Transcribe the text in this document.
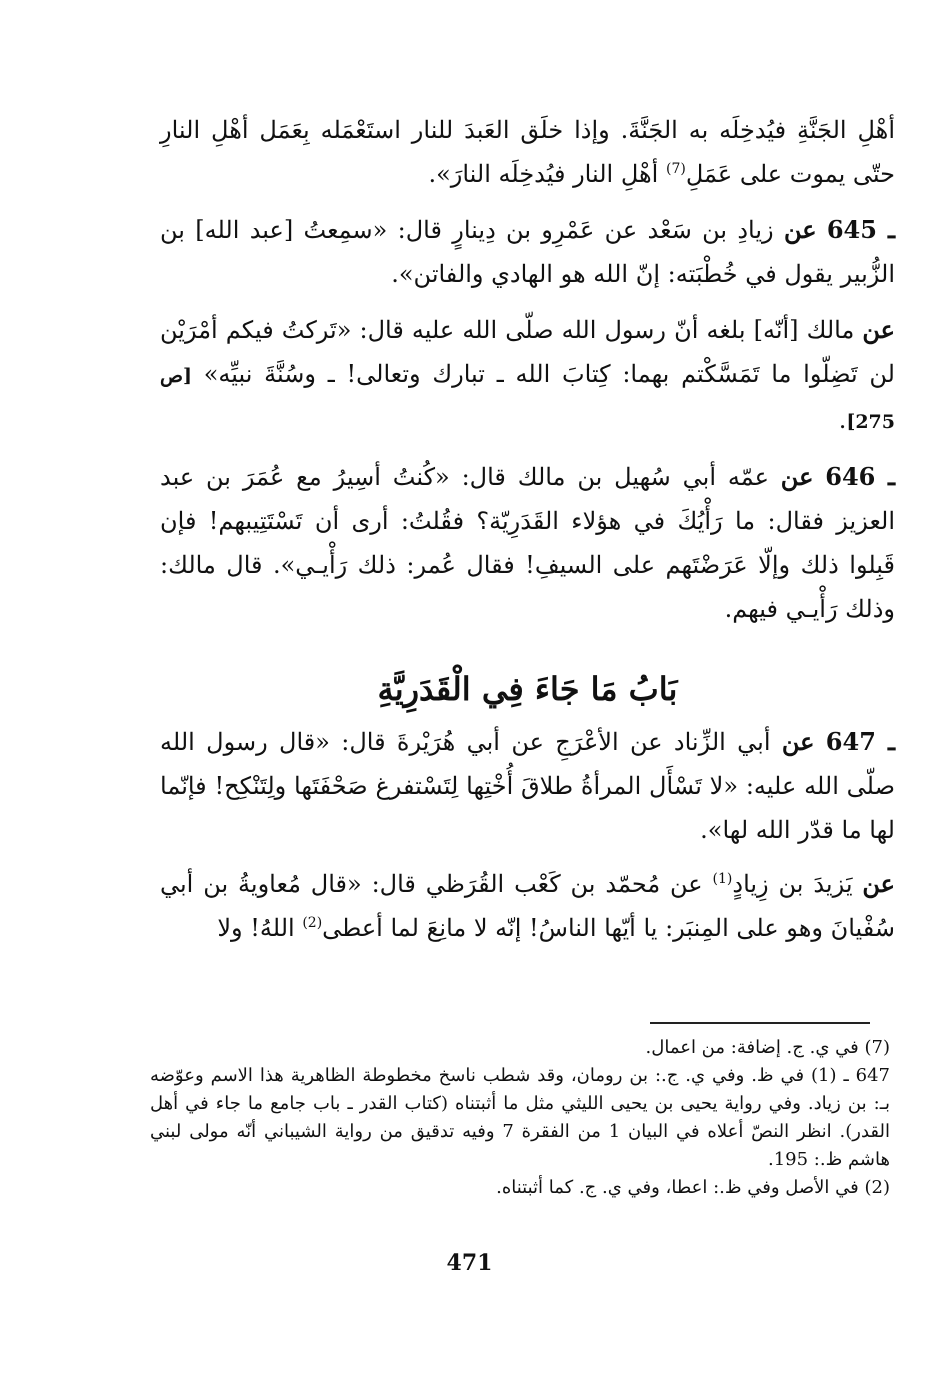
أهْلِ الجَنَّةِ فيُدخِلَه به الجَنَّةَ. وإذا خلَق العَبدَ للنار استَعْمَله بِعَمَل أهْلِ النارِ حتّى يموت على عَمَلِ$^{(7)}$ أهْلِ النار فيُدخِلَه النارَ».
645 ـ عن زيادِ بن سَعْد عن عَمْرِو بن دِينارٍ قال: «سمِعتُ [عبد الله] بن الزُّبير يقول في خُطْبَته: إنّ الله هو الهادي والفاتن».
عن مالك [أنّه] بلغه أنّ رسول الله صلّى الله عليه قال: «تَركتُ فيكم أمْرَيْن لن تَضِلّوا ما تَمَسَّكْتم بهما: كِتابَ الله ـ تبارك وتعالى! ـ وسُنَّةَ نبيِّه» [ص 275].
646 ـ عن عمّه أبي سُهيل بن مالك قال: «كُنتُ أسِيرُ مع عُمَرَ بن عبد العزيز فقال: ما رَأْيُكَ في هؤلاء القَدَرِيّة؟ فقُلتُ: أرى أن تَسْتَتِيبهم! فإن قَبِلوا ذلك وإلّا عَرَضْتَهم على السيفِ! فقال عُمر: ذلك رَأْيـي». قال مالك: وذلك رَأْيـي فيهم.
بَابُ مَا جَاءَ فِي الْقَدَرِيَّةِ
647 ـ عن أبي الزِّناد عن الأعْرَجِ عن أبي هُرَيْرةَ قال: «قال رسول الله صلّى الله عليه: «لا تَسْأَل المرأةُ طلاقَ أُخْتِها لِتَسْتفرغ صَحْفَتَها ولِتَنْكِح! فإنّما لها ما قدّر الله لها».
عن يَزيدَ بن زِيادٍ$^{(1)}$ عن مُحمّد بن كَعْب القُرَظي قال: «قال مُعاويةُ بن أبي سُفْيانَ وهو على المِنبَر: يا أيّها الناسُ! إنّه لا مانِعَ لما أعطى$^{(2)}$ اللهُ! ولا

(7) في ي. ج. إضافة: من اعمال.

647 ـ (1) في ظ. وفي ي. ج.: بن رومان، وقد شطب ناسخ مخطوطة الظاهرية هذا الاسم وعوّضه بـ: بن زياد. وفي رواية يحيى بن يحيى الليثي مثل ما أثبتناه (كتاب القدر ـ باب جامع ما جاء في أهل القدر). انظر النصّ أعلاه في البيان 1 من الفقرة 7 وفيه تدقيق من رواية الشيباني أنّه مولى لبني هاشم ظ.: 195.

(2) في الأصل وفي ظ.: اعطا، وفي ي. ج. كما أثبتناه.

471
